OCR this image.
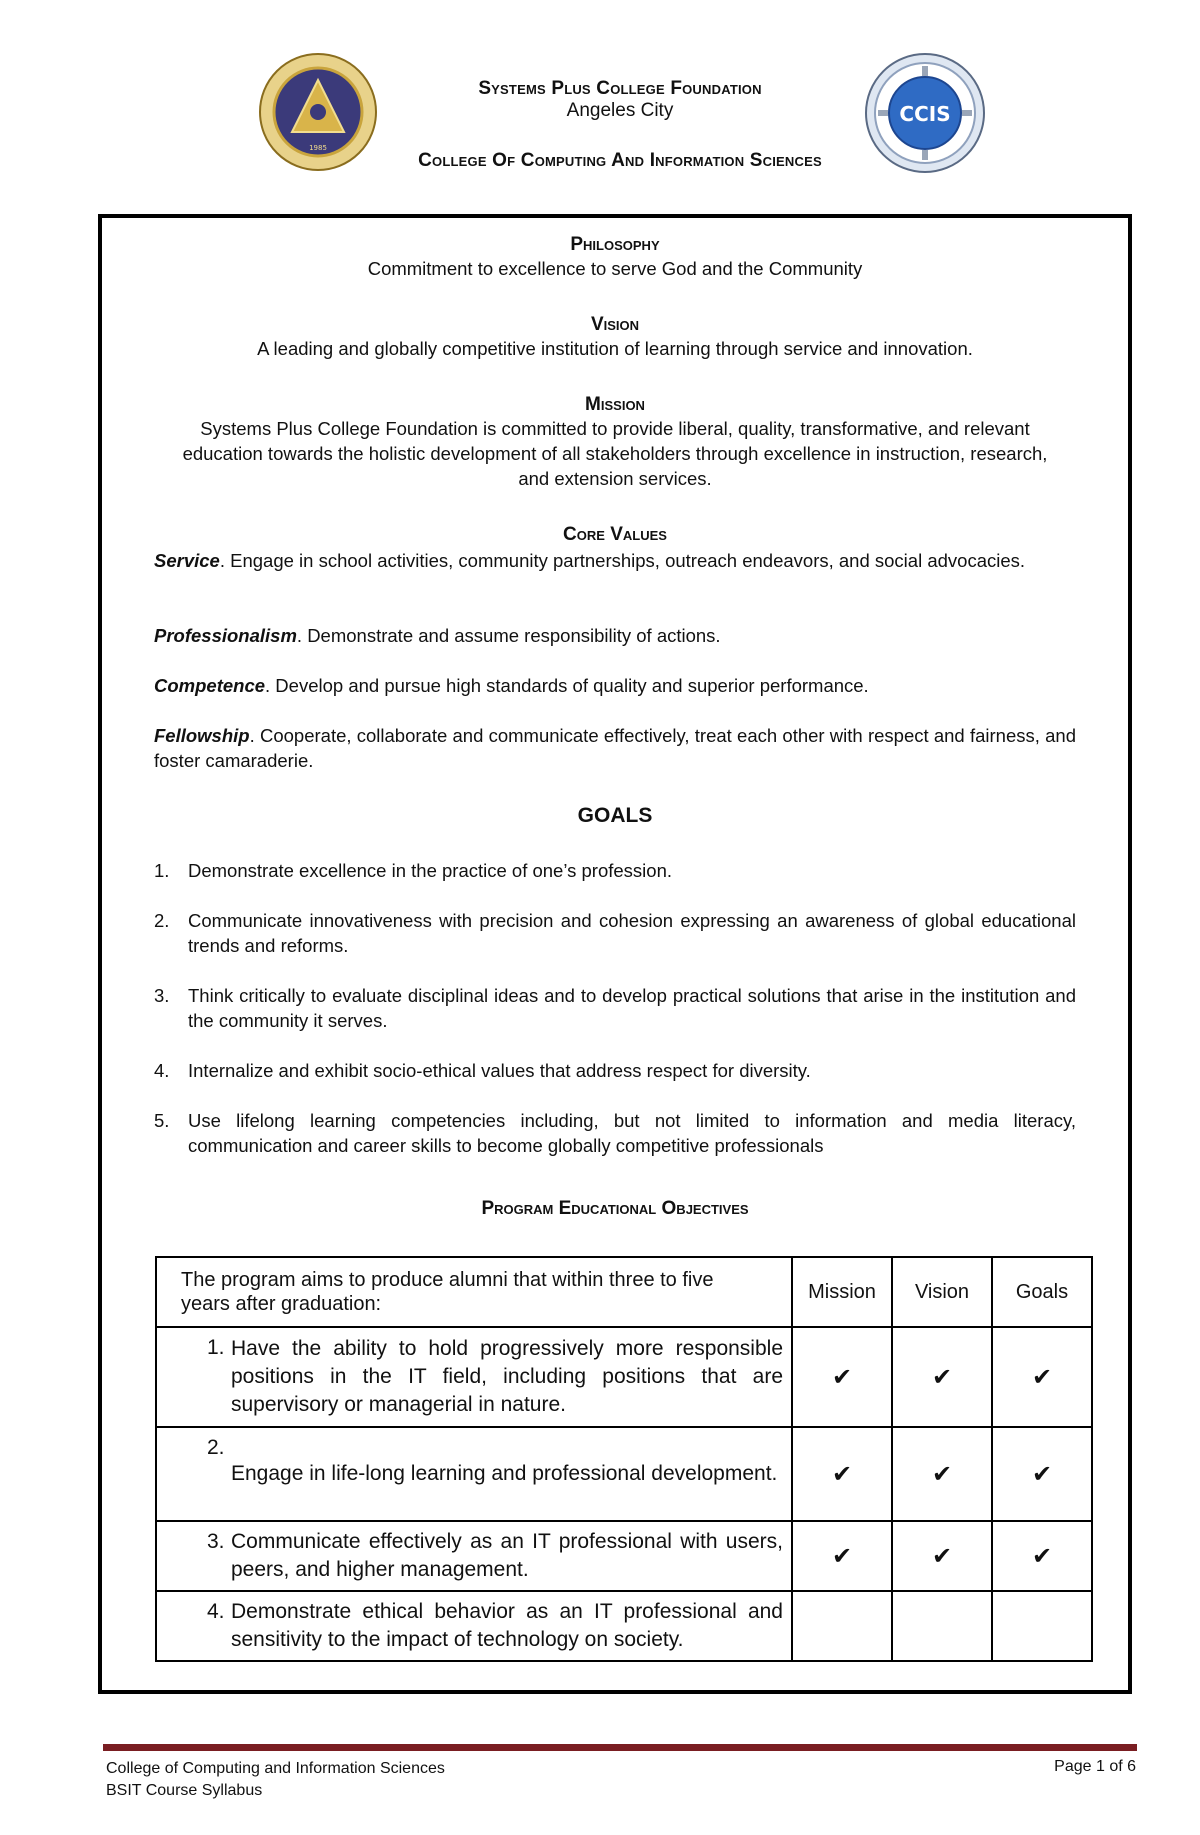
1985
Systems Plus College Foundation
Angeles City
College Of Computing And Information Sciences
CCIS

Philosophy

Commitment to excellence to serve God and the Community

Vision

A leading and globally competitive institution of learning through service and innovation.

Mission

Systems Plus College Foundation is committed to provide liberal, quality, transformative, and relevant

education towards the holistic development of all stakeholders through excellence in instruction, research,

and extension services.

Core Values

Service. Engage in school activities, community partnerships, outreach endeavors, and social advocacies.

Professionalism. Demonstrate and assume responsibility of actions.

Competence. Develop and pursue high standards of quality and superior performance.

Fellowship. Cooperate, collaborate and communicate effectively, treat each other with respect and fairness, and foster camaraderie.

GOALS
1.	Demonstrate excellence in the practice of one’s profession.
2.	Communicate innovativeness with precision and cohesion expressing an awareness of global educational trends and reforms.
3.	Think critically to evaluate disciplinal ideas and to develop practical solutions that arise in the institution and the community it serves.
4.	Internalize and exhibit socio-ethical values that address respect for diversity.
5.	Use lifelong learning competencies including, but not limited to information and media literacy, communication and career skills to become globally competitive professionals

Program Educational Objectives

The program aims to produce alumni that within three to five years after graduation:	Mission	Vision	Goals

1. Have the ability to hold progressively more responsible positions in the IT field, including positions that are supervisory or managerial in nature.	✔	✔	✔

2.
Engage in life-long learning and professional development.	✔	✔	✔

3. Communicate effectively as an IT professional with users, peers, and higher management.	✔	✔	✔

4. Demonstrate ethical behavior as an IT professional and sensitivity to the impact of technology on society.			

College of Computing and Information Sciences
BSIT Course Syllabus
Page 1 of 6
